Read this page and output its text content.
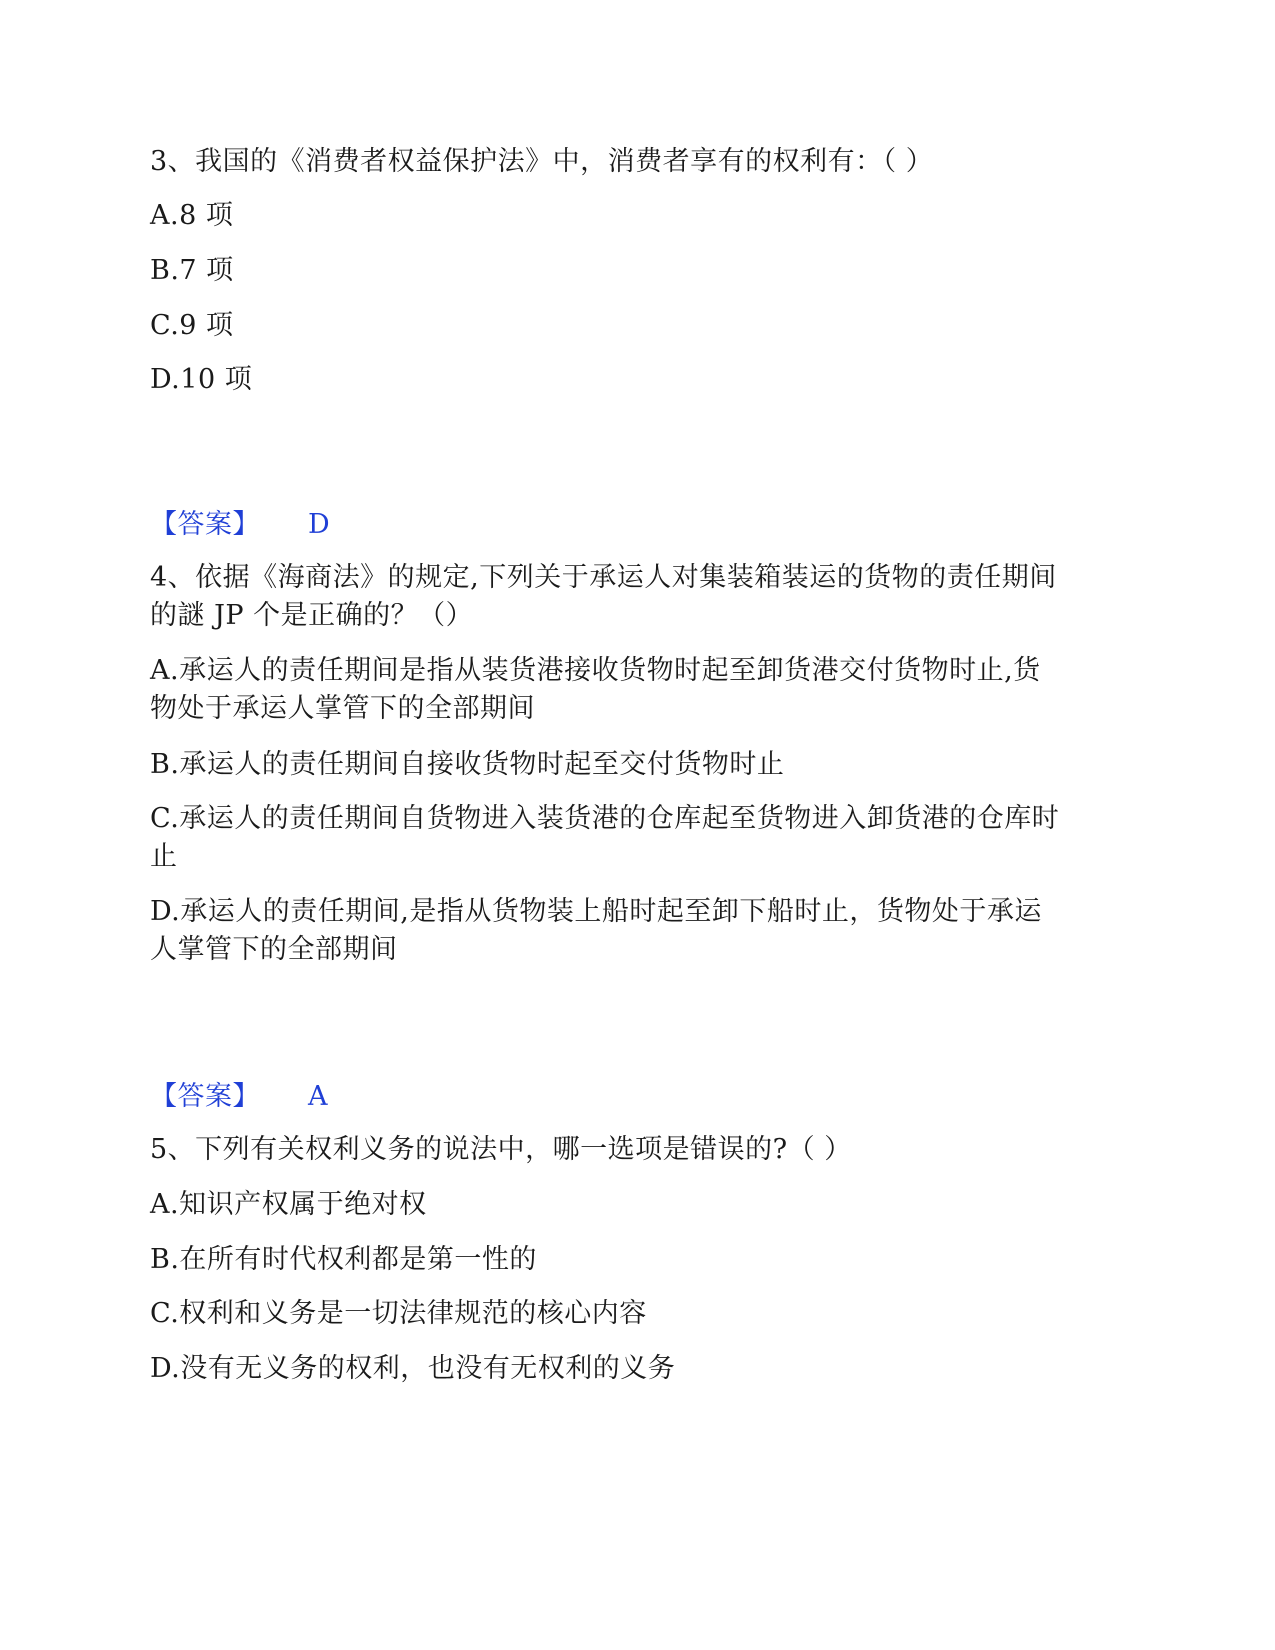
3、我国的《消费者权益保护法》中，消费者享有的权利有：（ ）
A.8 项
B.7 项
C.9 项
D.10 项
【答案】 D
4、依据《海商法》的规定,下列关于承运人对集装箱装运的货物的责任期间
的謎 JP 个是正确的？（）
A.承运人的责任期间是指从装货港接收货物时起至卸货港交付货物时止,货
物处于承运人掌管下的全部期间
B.承运人的责任期间自接收货物时起至交付货物时止
C.承运人的责任期间自货物进入装货港的仓库起至货物进入卸货港的仓库时
止
D.承运人的责任期间,是指从货物装上船时起至卸下船时止，货物处于承运
人掌管下的全部期间
【答案】 A
5、下列有关权利义务的说法中，哪一选项是错误的?（ ）
A.知识产权属于绝对权
B.在所有时代权利都是第一性的
C.权利和义务是一切法律规范的核心内容
D.没有无义务的权利，也没有无权利的义务
